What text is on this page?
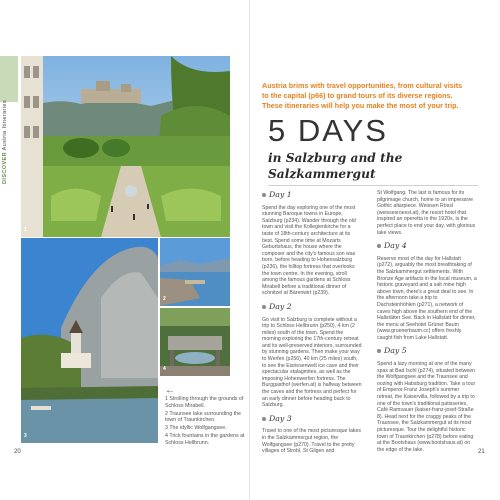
DISCOVER Austria Itineraries
1
2
3
4
←

1 Strolling through the grounds of Schloss Mirabell.

2 Traunsee lake surrounding the town of Traunkirchen.

3 The idyllic Wolfgangsee.

4 Trick fountains in the gardens at Schloss Hellbrunn.

20

Austria brims with travel opportunities, from cultural visits to the capital (p66) to grand tours of its diverse regions. These itineraries will help you make the most of your trip.

5 DAYS
in Salzburg and the Salzkammergut
Day 1

Spend the day exploring one of the most stunning Baroque towns in Europe, Salzburg (p234). Wander through the old town and visit the Kollegienkirche for a taste of 18th-century architecture at its best. Spend some time at Mozarts Geburtshaus, the house where the composer and the city's famous son was born, before heading to Hohensalzburg (p236), the hilltop fortress that overlooks the town centre. In the evening, stroll among the famous gardens at Schloss Mirabell before a traditional dinner of schnitzel at Bärenwirt (p239).

Day 2

Go visit to Salzburg is complete without a trip to Schloss Hellbrunn (p250), 4 km (2 miles) south of the town. Spend the morning exploring the 17th-century retreat and its well-preserved interiors, surrounded by stunning gardens. Then make your way to Werfen (p256), 40 km (25 miles) south, to see the Eisriesenwelt ice cave and their spectacular stalagmites, as well as the imposing Hohenwerfen fortress. The Burggasthof (werfen.at) is halfway between the caves and the fortress and perfect for an early dinner before heading back to Salzburg.

Day 3

Travel to one of the most picturesque lakes in the Salzkammergut region, the Wolfgangsee (p270). Travel to the pretty villages of Strobl, St Gilgen and

St Wolfgang. The last is famous for its pilgrimage church, home to an impressive Gothic altarpiece. Weissen Rössl (weissesroessl.at), the resort hotel that inspired an operetta in the 1920s, is the perfect place to end your day, with glorious lake views.

Day 4

Reserve most of the day for Hallstatt (p272), arguably the most breathtaking of the Salzkammergut settlements. With Bronze Age artifacts in the local museum, a historic graveyard and a salt mine high above town, there's a great deal to see. In the afternoon take a trip to Dachsteinhöhlen (p271), a network of caves high above the southern end of the Hallstätter See. Back in Hallstatt for dinner, the menu at Seehotel Grüner Baum (www.gruenerbaum.cc) offers freshly caught fish from Lake Hallstatt.

Day 5

Spend a lazy morning at one of the many spas at Bad Ischl (p274), situated between the Wolfgangsee and the Traunsee and oozing with Habsburg tradition. Take a tour of Emperor Franz Joseph's summer retreat, the Kaiservilla, followed by a trip to one of the town's traditional patisseries, Café Ramsauer (kaiser-franz-josef-Straße 8). Head next for the craggy peaks of the Traunsee, the Salzkammergut at its most picturesque. Tour the delightful historic town of Traunkirchen (p278) before eating at the Bootshaus (www.bootshaus.at) on the edge of the lake.	21
